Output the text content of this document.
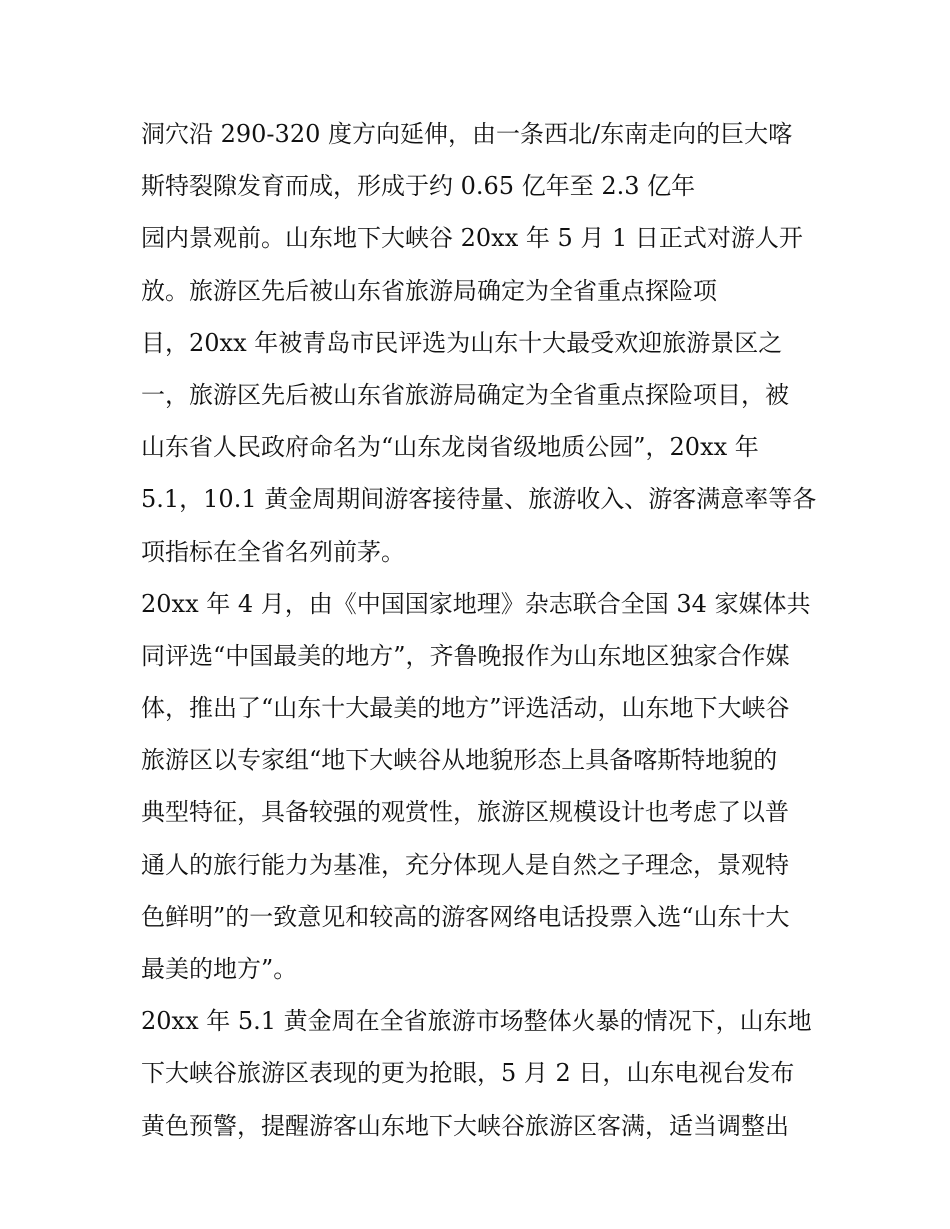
洞穴沿 290-320 度方向延伸，由一条西北/东南走向的巨大喀
斯特裂隙发育而成，形成于约 0.65 亿年至 2.3 亿年
园内景观前。山东地下大峡谷 20xx 年 5 月 1 日正式对游人开
放。旅游区先后被山东省旅游局确定为全省重点探险项
目，20xx 年被青岛市民评选为山东十大最受欢迎旅游景区之
一，旅游区先后被山东省旅游局确定为全省重点探险项目，被
山东省人民政府命名为“山东龙岗省级地质公园”，20xx 年
5.1，10.1 黄金周期间游客接待量、旅游收入、游客满意率等各
项指标在全省名列前茅。
20xx 年 4 月，由《中国国家地理》杂志联合全国 34 家媒体共
同评选“中国最美的地方”，齐鲁晚报作为山东地区独家合作媒
体，推出了“山东十大最美的地方”评选活动，山东地下大峡谷
旅游区以专家组“地下大峡谷从地貌形态上具备喀斯特地貌的
典型特征，具备较强的观赏性，旅游区规模设计也考虑了以普
通人的旅行能力为基准，充分体现人是自然之子理念，景观特
色鲜明”的一致意见和较高的游客网络电话投票入选“山东十大
最美的地方”。
20xx 年 5.1 黄金周在全省旅游市场整体火暴的情况下，山东地
下大峡谷旅游区表现的更为抢眼，5 月 2 日，山东电视台发布
黄色预警，提醒游客山东地下大峡谷旅游区客满，适当调整出
